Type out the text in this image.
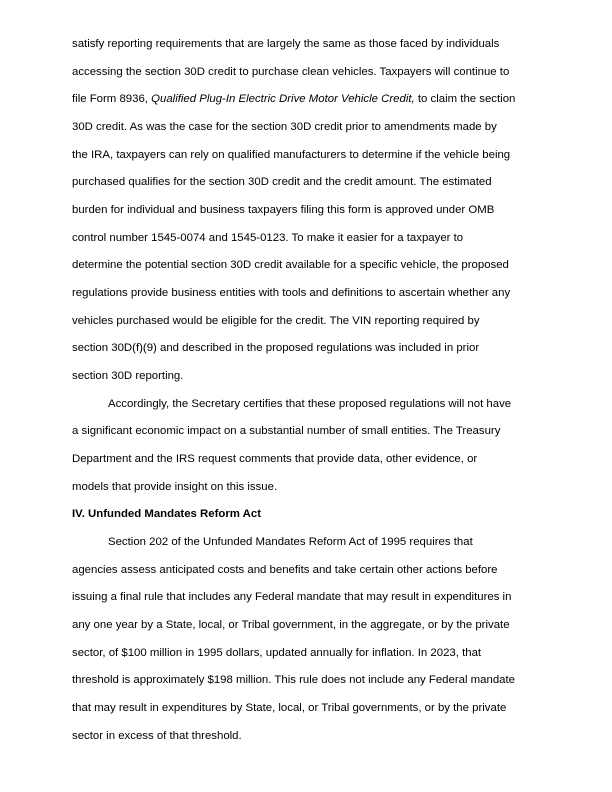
satisfy reporting requirements that are largely the same as those faced by individuals
accessing the section 30D credit to purchase clean vehicles. Taxpayers will continue to
file Form 8936, Qualified Plug-In Electric Drive Motor Vehicle Credit, to claim the section
30D credit. As was the case for the section 30D credit prior to amendments made by
the IRA, taxpayers can rely on qualified manufacturers to determine if the vehicle being
purchased qualifies for the section 30D credit and the credit amount. The estimated
burden for individual and business taxpayers filing this form is approved under OMB
control number 1545-0074 and 1545-0123. To make it easier for a taxpayer to
determine the potential section 30D credit available for a specific vehicle, the proposed
regulations provide business entities with tools and definitions to ascertain whether any
vehicles purchased would be eligible for the credit. The VIN reporting required by
section 30D(f)(9) and described in the proposed regulations was included in prior
section 30D reporting.
Accordingly, the Secretary certifies that these proposed regulations will not have
a significant economic impact on a substantial number of small entities. The Treasury
Department and the IRS request comments that provide data, other evidence, or
models that provide insight on this issue.
IV. Unfunded Mandates Reform Act
Section 202 of the Unfunded Mandates Reform Act of 1995 requires that
agencies assess anticipated costs and benefits and take certain other actions before
issuing a final rule that includes any Federal mandate that may result in expenditures in
any one year by a State, local, or Tribal government, in the aggregate, or by the private
sector, of $100 million in 1995 dollars, updated annually for inflation. In 2023, that
threshold is approximately $198 million. This rule does not include any Federal mandate
that may result in expenditures by State, local, or Tribal governments, or by the private
sector in excess of that threshold.
